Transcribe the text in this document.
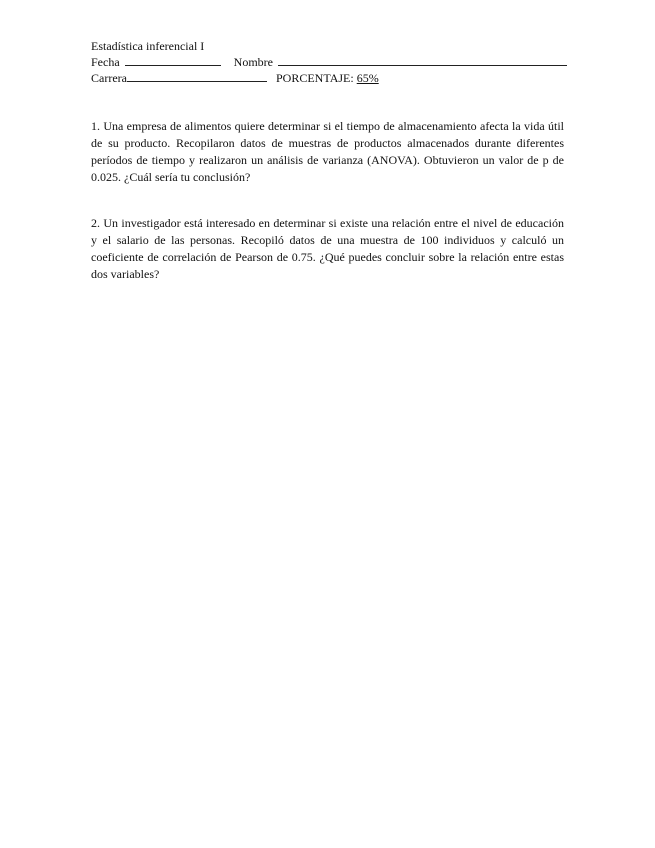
Estadística inferencial I
Fecha	Nombre
Carrera	PORCENTAJE: 65%

1. Una empresa de alimentos quiere determinar si el tiempo de almacenamiento afecta la vida útil de su producto. Recopilaron datos de muestras de productos almacenados durante diferentes períodos de tiempo y realizaron un análisis de varianza (ANOVA). Obtuvieron un valor de p de 0.025. ¿Cuál sería tu conclusión?

2. Un investigador está interesado en determinar si existe una relación entre el nivel de educación y el salario de las personas. Recopiló datos de una muestra de 100 individuos y calculó un coeficiente de correlación de Pearson de 0.75. ¿Qué puedes concluir sobre la relación entre estas dos variables?
